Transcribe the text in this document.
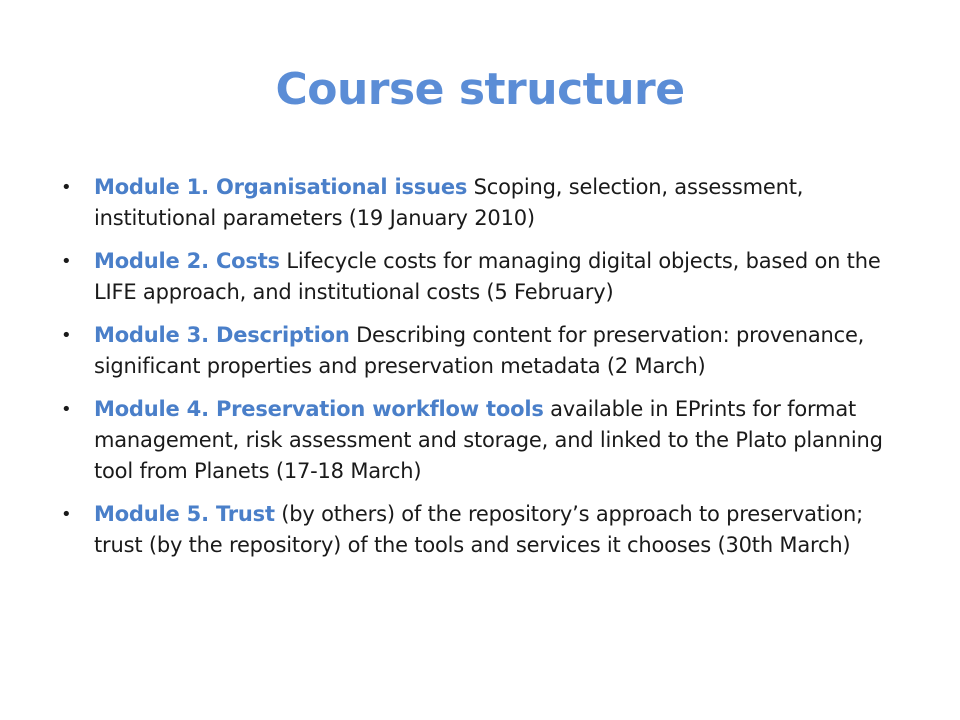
Course structure
• Module 1. Organisational issues Scoping, selection, assessment, institutional parameters (19 January 2010)
• Module 2. Costs Lifecycle costs for managing digital objects, based on the LIFE approach, and institutional costs (5 February)
• Module 3. Description Describing content for preservation: provenance, significant properties and preservation metadata (2 March)
• Module 4. Preservation workflow tools available in EPrints for format management, risk assessment and storage, and linked to the Plato planning tool from Planets (17-18 March)
• Module 5. Trust (by others) of the repository’s approach to preservation; trust (by the repository) of the tools and services it chooses (30th March)
